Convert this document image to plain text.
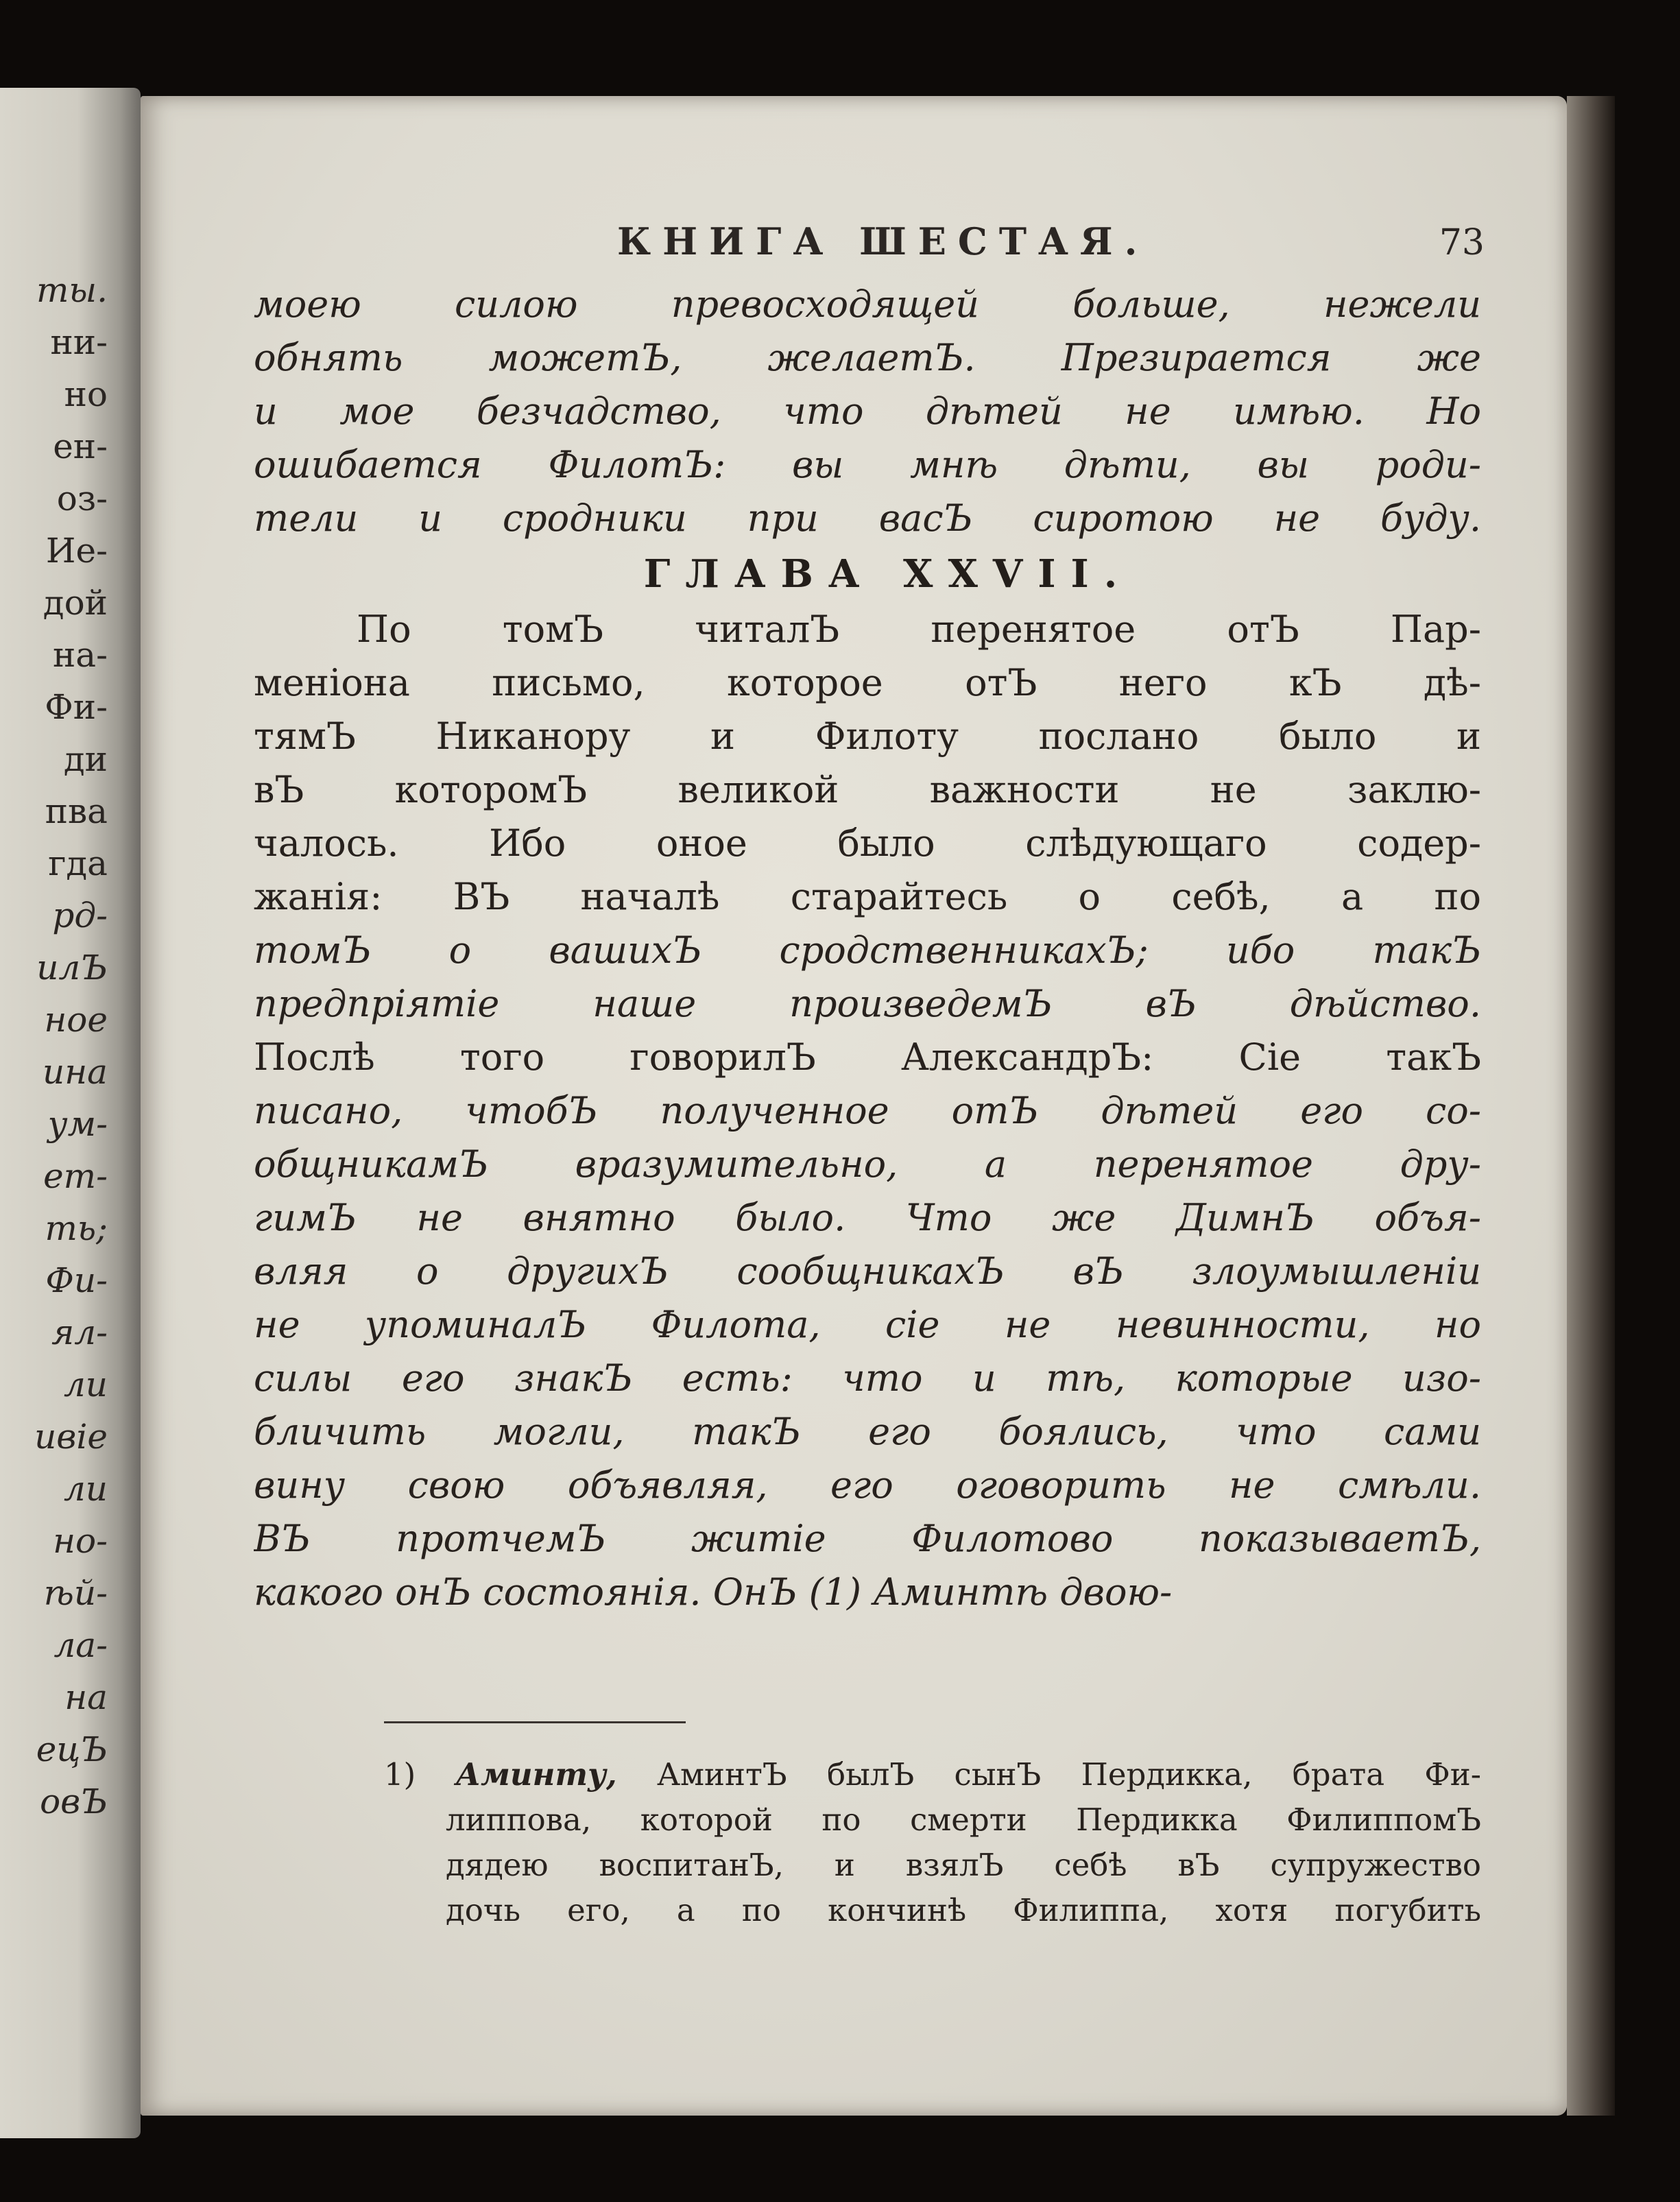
ты.
ни-
но
ен-
оз-
Ие-
дой
на-
Фи-
ди
пва
гда
рд-
илЪ
ное
ина
ум-
ет-
ть;
Фи-
ял-
ли
ивіе
ли
но-
ѣй-
ла-
на
ецЪ
овЪ
КНИГА ШЕСТАЯ.	73
моею силою превосходящей больше, нежели
обнять можетЪ, желаетЪ. Презирается же
и мое безчадство, что дѣтей не имѣю. Но
ошибается ФилотЪ: вы мнѣ дѣти, вы роди-
тели и сродники при васЪ сиротою не буду.
ГЛАВА XXVII.
По томЪ читалЪ перенятое отЪ Пар-
меніона письмо, которое отЪ него кЪ дѣ-
тямЪ Никанору и Филоту послано было и
вЪ которомЪ великой важности не заклю-
чалось. Ибо оное было слѣдующаго содер-
жанія: ВЪ началѣ старайтесь о себѣ, а по
томЪ о вашихЪ сродственникахЪ; ибо такЪ
предпріятіе наше произведемЪ вЪ дѣйство.
Послѣ того говорилЪ АлександрЪ: Сіе такЪ
писано, чтобЪ полученное отЪ дѣтей его со-
общникамЪ вразумительно, а перенятое дру-
гимЪ не внятно было. Что же ДимнЪ объя-
вляя о другихЪ сообщникахЪ вЪ злоумышленіи
не упоминалЪ Филота, сіе не невинности, но
силы его знакЪ есть: что и тѣ, которые изо-
бличить могли, такЪ его боялись, что сами
вину свою объявляя, его оговорить не смѣли.
ВЪ протчемЪ житіе Филотово показываетЪ,
какого онЪ состоянія. ОнЪ (1) Аминтѣ двою-
1) Аминту, АминтЪ былЪ сынЪ Пердикка, брата Фи-
липпова, которой по смерти Пердикка ФилиппомЪ
дядею воспитанЪ, и взялЪ себѣ вЪ супружество
дочь его, а по кончинѣ Филиппа, хотя погубить
